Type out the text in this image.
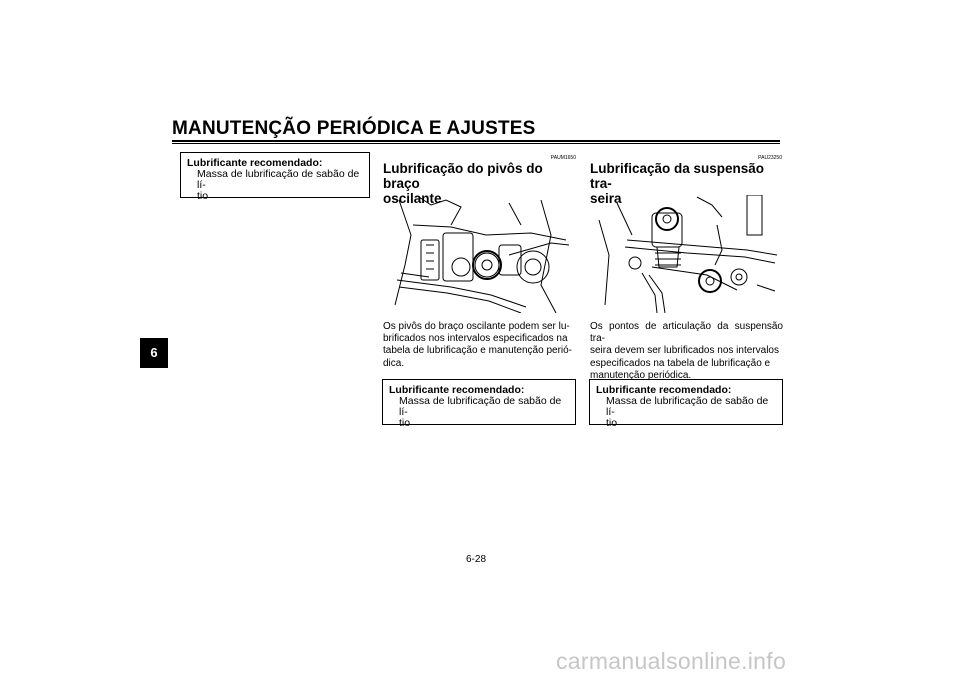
MANUTENÇÃO PERIÓDICA E AJUSTES
6
Lubrificante recomendado:
Massa de lubrificação de sabão de lí-
tio
PAUM1650
Lubrificação do pivôs do braço
oscilante
Os pivôs do braço oscilante podem ser lu-
brificados nos intervalos especificados na
tabela de lubrificação e manutenção perió-
dica.
Lubrificante recomendado:
Massa de lubrificação de sabão de lí-
tio
PAU23250
Lubrificação da suspensão tra-
seira
Os pontos de articulação da suspensão tra-
seira devem ser lubrificados nos intervalos
especificados na tabela de lubrificação e
manutenção periódica.
Lubrificante recomendado:
Massa de lubrificação de sabão de lí-
tio
6-28
carmanualsonline.info
